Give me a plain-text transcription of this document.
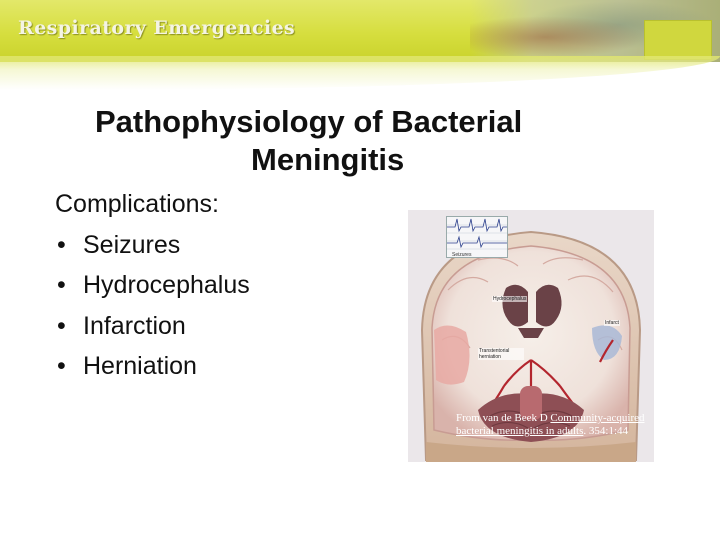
Respiratory Emergencies
Pathophysiology of Bacterial
Meningitis
Complications:
• Seizures
• Hydrocephalus
• Infarction
• Herniation
Seizures
Hydrocephalus
Infarct
Transtentorial herniation
From van de Beek D Community-acquired bacterial meningitis in adults. 354:1:44
